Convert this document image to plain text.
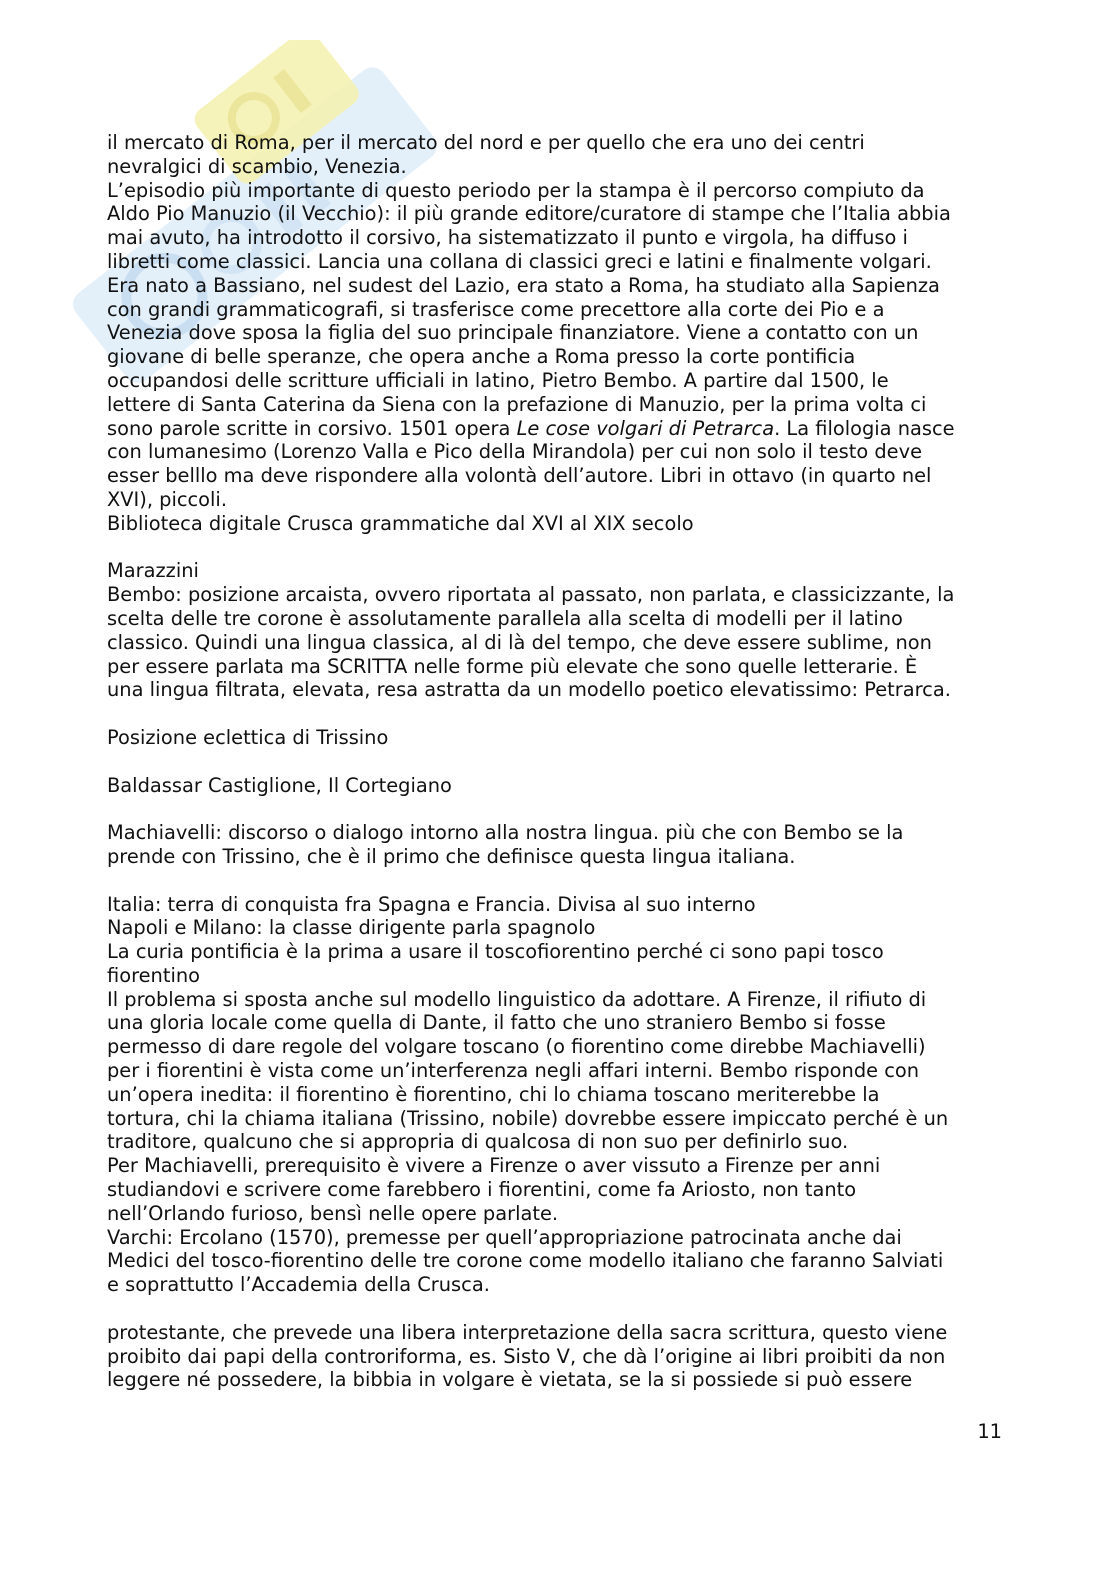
il mercato di Roma, per il mercato del nord e per quello che era uno dei centri
nevralgici di scambio, Venezia.
L’episodio più importante di questo periodo per la stampa è il percorso compiuto da
Aldo Pio Manuzio (il Vecchio): il più grande editore/curatore di stampe che l’Italia abbia
mai avuto, ha introdotto il corsivo, ha sistematizzato il punto e virgola, ha diffuso i
libretti come classici. Lancia una collana di classici greci e latini e finalmente volgari.
Era nato a Bassiano, nel sudest del Lazio, era stato a Roma, ha studiato alla Sapienza
con grandi grammaticografi, si trasferisce come precettore alla corte dei Pio e a
Venezia dove sposa la figlia del suo principale finanziatore. Viene a contatto con un
giovane di belle speranze, che opera anche a Roma presso la corte pontificia
occupandosi delle scritture ufficiali in latino, Pietro Bembo. A partire dal 1500, le
lettere di Santa Caterina da Siena con la prefazione di Manuzio, per la prima volta ci
sono parole scritte in corsivo. 1501 opera Le cose volgari di Petrarca. La filologia nasce
con lumanesimo (Lorenzo Valla e Pico della Mirandola) per cui non solo il testo deve
esser belllo ma deve rispondere alla volontà dell’autore. Libri in ottavo (in quarto nel
XVI), piccoli.
Biblioteca digitale Crusca grammatiche dal XVI al XIX secolo
Marazzini
Bembo: posizione arcaista, ovvero riportata al passato, non parlata, e classicizzante, la
scelta delle tre corone è assolutamente parallela alla scelta di modelli per il latino
classico. Quindi una lingua classica, al di là del tempo, che deve essere sublime, non
per essere parlata ma SCRITTA nelle forme più elevate che sono quelle letterarie. È
una lingua filtrata, elevata, resa astratta da un modello poetico elevatissimo: Petrarca.
Posizione eclettica di Trissino
Baldassar Castiglione, Il Cortegiano
Machiavelli: discorso o dialogo intorno alla nostra lingua. più che con Bembo se la
prende con Trissino, che è il primo che definisce questa lingua italiana.
Italia: terra di conquista fra Spagna e Francia. Divisa al suo interno
Napoli e Milano: la classe dirigente parla spagnolo
La curia pontificia è la prima a usare il toscofiorentino perché ci sono papi tosco
fiorentino
Il problema si sposta anche sul modello linguistico da adottare. A Firenze, il rifiuto di
una gloria locale come quella di Dante, il fatto che uno straniero Bembo si fosse
permesso di dare regole del volgare toscano (o fiorentino come direbbe Machiavelli)
per i fiorentini è vista come un’interferenza negli affari interni. Bembo risponde con
un’opera inedita: il fiorentino è fiorentino, chi lo chiama toscano meriterebbe la
tortura, chi la chiama italiana (Trissino, nobile) dovrebbe essere impiccato perché è un
traditore, qualcuno che si appropria di qualcosa di non suo per definirlo suo.
Per Machiavelli, prerequisito è vivere a Firenze o aver vissuto a Firenze per anni
studiandovi e scrivere come farebbero i fiorentini, come fa Ariosto, non tanto
nell’Orlando furioso, bensì nelle opere parlate.
Varchi: Ercolano (1570), premesse per quell’appropriazione patrocinata anche dai
Medici del tosco-fiorentino delle tre corone come modello italiano che faranno Salviati
e soprattutto l’Accademia della Crusca.
protestante, che prevede una libera interpretazione della sacra scrittura, questo viene
proibito dai papi della controriforma, es. Sisto V, che dà l’origine ai libri proibiti da non
leggere né possedere, la bibbia in volgare è vietata, se la si possiede si può essere
11
